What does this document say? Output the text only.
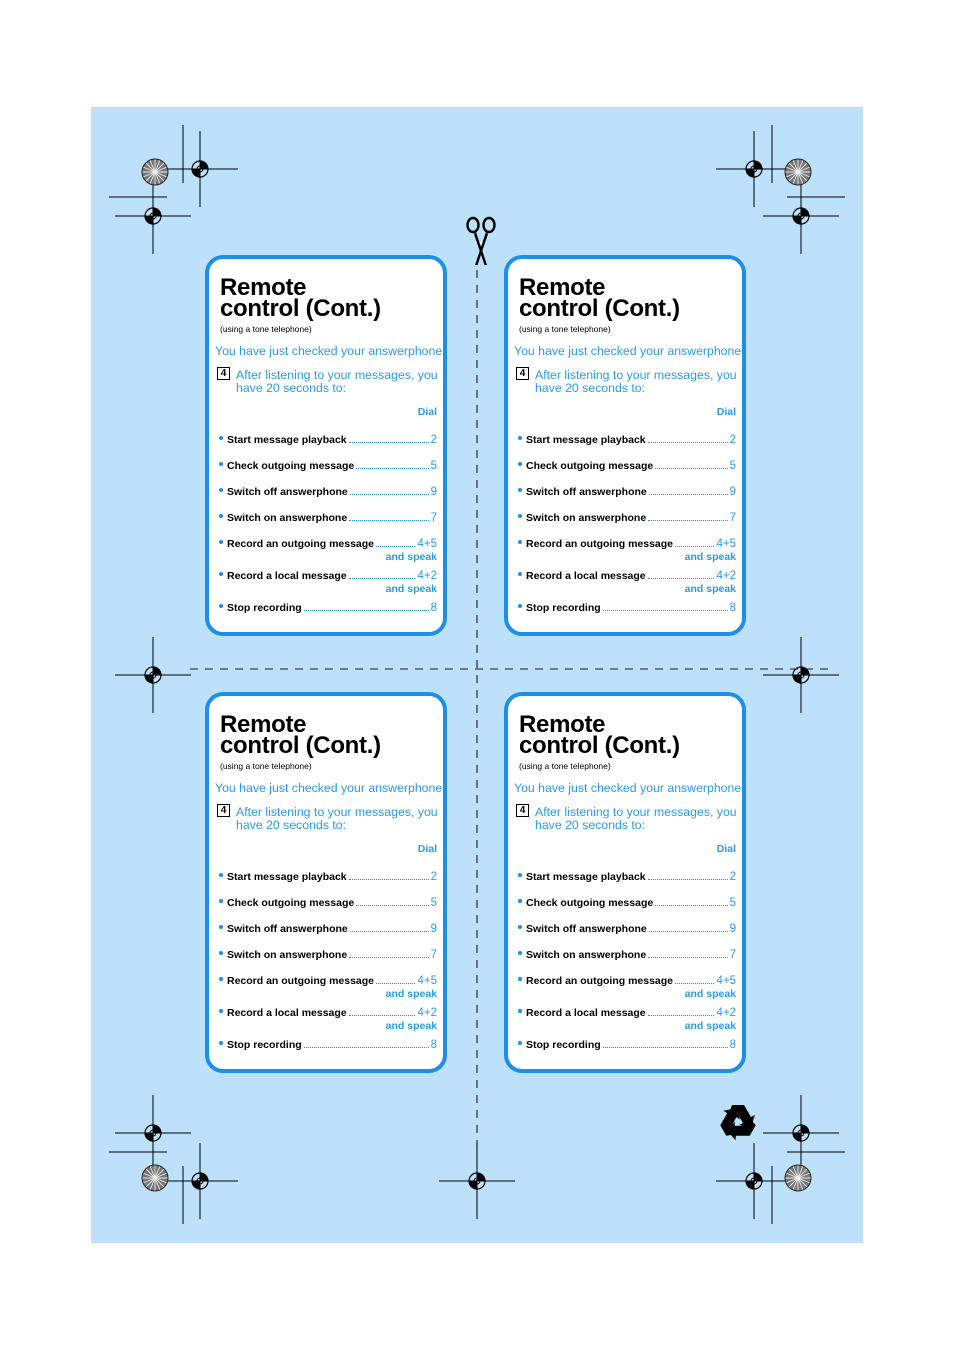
Remote
control (Cont.)
(using a tone telephone)
You have just checked your answerphone
4 After listening to your messages, you have 20 seconds to:
Dial
Start message playback	2
Check outgoing message	5
Switch off answerphone	9
Switch on answerphone	7
Record an outgoing message	4+5
and speak
Record a local message	4+2
and speak
Stop recording	8
Remote
control (Cont.)
(using a tone telephone)
You have just checked your answerphone
4 After listening to your messages, you have 20 seconds to:
Dial
Start message playback	2
Check outgoing message	5
Switch off answerphone	9
Switch on answerphone	7
Record an outgoing message	4+5
and speak
Record a local message	4+2
and speak
Stop recording	8
Remote
control (Cont.)
(using a tone telephone)
You have just checked your answerphone
4 After listening to your messages, you have 20 seconds to:
Dial
Start message playback	2
Check outgoing message	5
Switch off answerphone	9
Switch on answerphone	7
Record an outgoing message	4+5
and speak
Record a local message	4+2
and speak
Stop recording	8
Remote
control (Cont.)
(using a tone telephone)
You have just checked your answerphone
4 After listening to your messages, you have 20 seconds to:
Dial
Start message playback	2
Check outgoing message	5
Switch off answerphone	9
Switch on answerphone	7
Record an outgoing message	4+5
and speak
Record a local message	4+2
and speak
Stop recording	8
